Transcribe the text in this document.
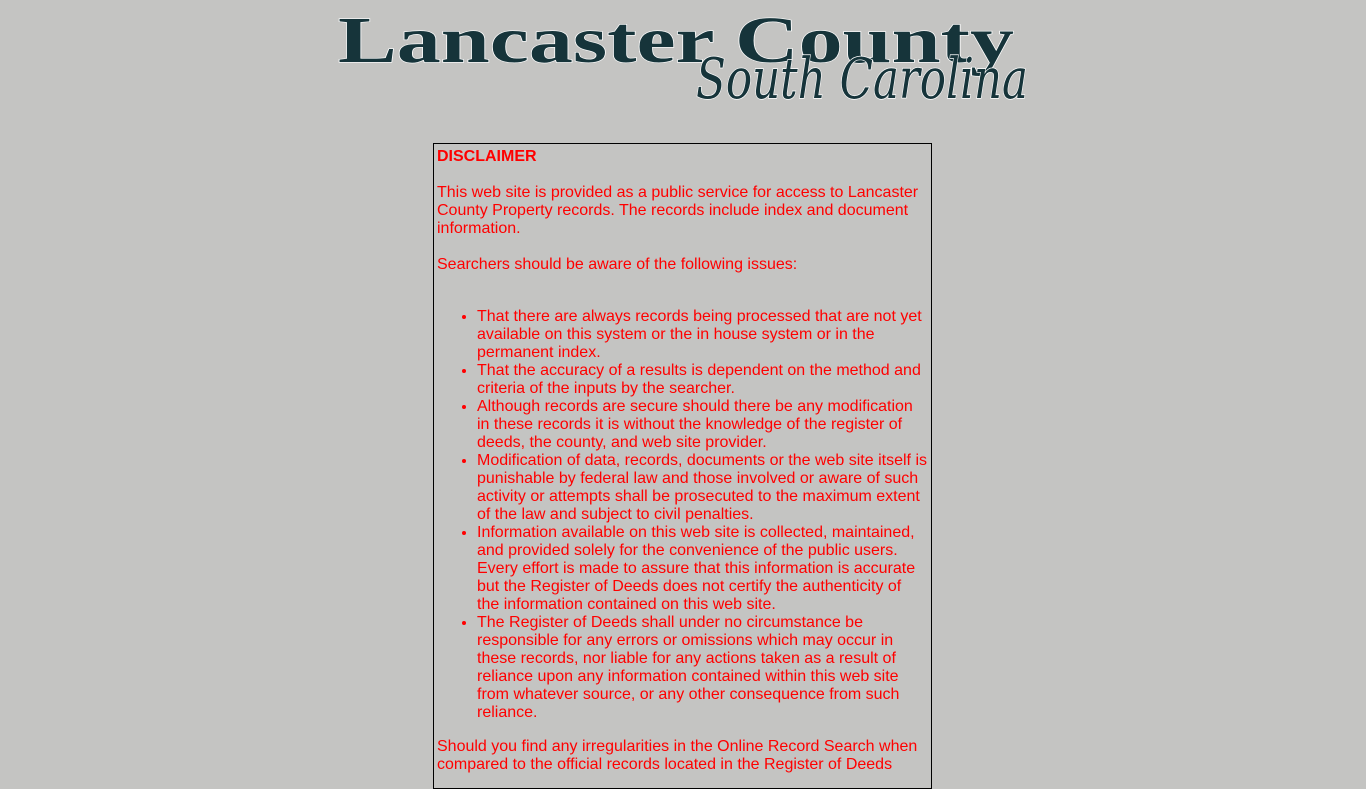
Lancaster County
South Carolina
DISCLAIMER
This web site is provided as a public service for access to Lancaster County Property records. The records include index and document information.
Searchers should be aware of the following issues:
• That there are always records being processed that are not yet available on this system or the in house system or in the permanent index.
• That the accuracy of a results is dependent on the method and criteria of the inputs by the searcher.
• Although records are secure should there be any modification in these records it is without the knowledge of the register of deeds, the county, and web site provider.
• Modification of data, records, documents or the web site itself is punishable by federal law and those involved or aware of such activity or attempts shall be prosecuted to the maximum extent of the law and subject to civil penalties.
• Information available on this web site is collected, maintained, and provided solely for the convenience of the public users. Every effort is made to assure that this information is accurate but the Register of Deeds does not certify the authenticity of the information contained on this web site.
• The Register of Deeds shall under no circumstance be responsible for any errors or omissions which may occur in these records, nor liable for any actions taken as a result of reliance upon any information contained within this web site from whatever source, or any other consequence from such reliance.
Should you find any irregularities in the Online Record Search when compared to the official records located in the Register of Deeds
